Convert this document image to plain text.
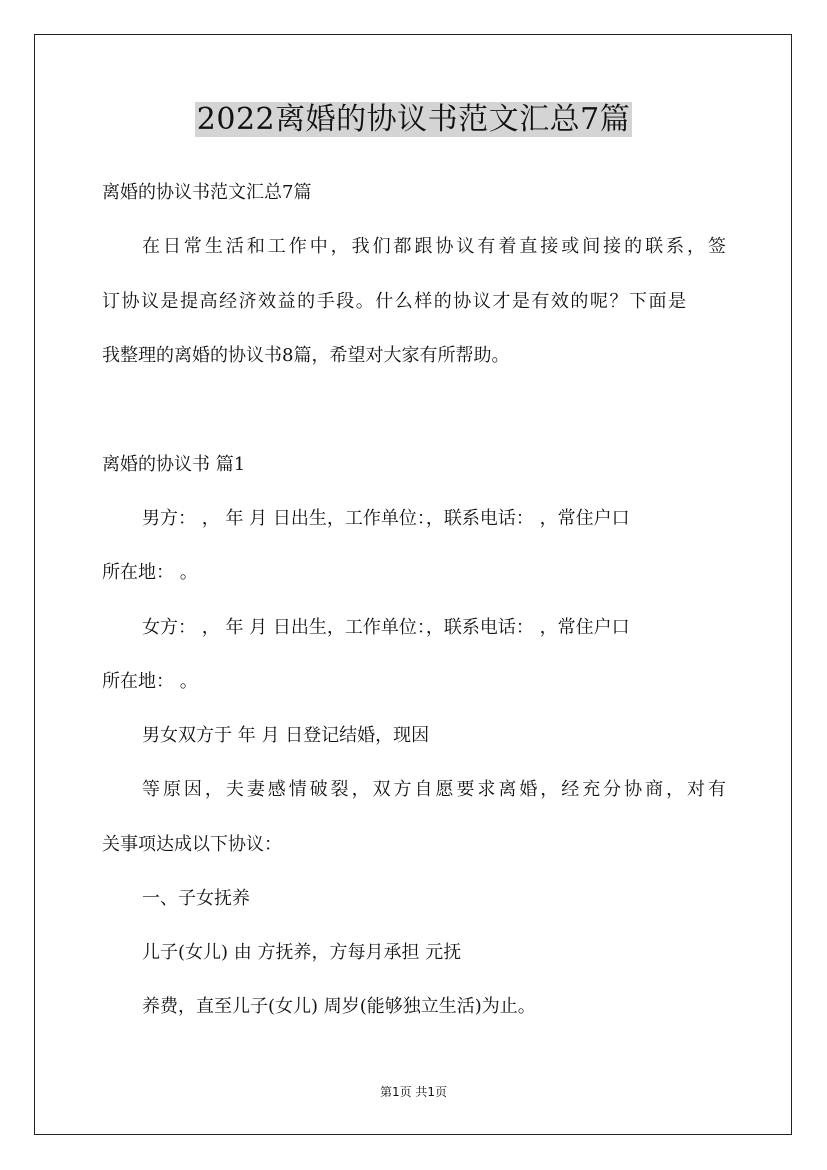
2022离婚的协议书范文汇总7篇
离婚的协议书范文汇总7篇
在日常生活和工作中，我们都跟协议有着直接或间接的联系，签
订协议是提高经济效益的手段。什么样的协议才是有效的呢？下面是
我整理的离婚的协议书8篇，希望对大家有所帮助。
离婚的协议书 篇1
男方： ， 年 月 日出生，工作单位：，联系电话： ，常住户口
所在地： 。
女方： ， 年 月 日出生，工作单位：，联系电话： ，常住户口
所在地： 。
男女双方于 年 月 日登记结婚，现因
等原因，夫妻感情破裂，双方自愿要求离婚，经充分协商，对有
关事项达成以下协议：
一、子女抚养
儿子(女儿) 由 方抚养，方每月承担 元抚
养费，直至儿子(女儿) 周岁(能够独立生活)为止。
第1页 共1页
